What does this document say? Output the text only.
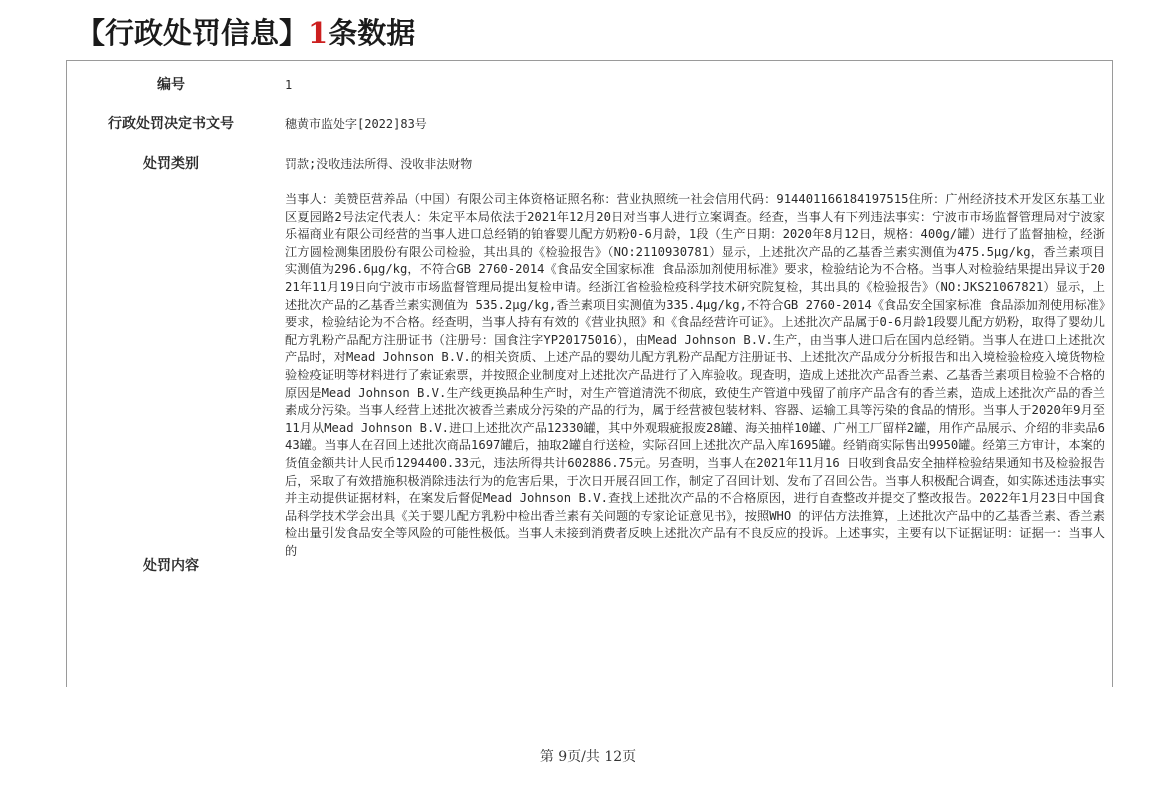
【行政处罚信息】1条数据
编号	1
行政处罚决定书文号	穗黄市监处字[2022]83号
处罚类别	罚款;没收违法所得、没收非法财物
处罚内容
当事人：美赞臣营养品（中国）有限公司主体资格证照名称：营业执照统一社会信用代码：914401166184197515住所：广州经济技术开发区东基工业区夏园路2号法定代表人：朱定平本局依法于2021年12月20日对当事人进行立案调查。经查，当事人有下列违法事实：宁波市市场监督管理局对宁波家乐福商业有限公司经营的当事人进口总经销的铂睿婴儿配方奶粉0-6月龄，1段（生产日期：2020年8月12日，规格：400g/罐）进行了监督抽检，经浙江方圆检测集团股份有限公司检验，其出具的《检验报告》（NO:2110930781）显示，上述批次产品的乙基香兰素实测值为475.5μg/kg，香兰素项目实测值为296.6μg/kg，不符合GB 2760-2014《食品安全国家标准 食品添加剂使用标准》要求，检验结论为不合格。当事人对检验结果提出异议于2021年11月19日向宁波市市场监督管理局提出复检申请。经浙江省检验检疫科学技术研究院复检，其出具的《检验报告》（NO:JKS21067821）显示，上述批次产品的乙基香兰素实测值为 535.2μg/kg,香兰素项目实测值为335.4μg/kg,不符合GB 2760-2014《食品安全国家标准 食品添加剂使用标准》要求，检验结论为不合格。经查明，当事人持有有效的《营业执照》和《食品经营许可证》。上述批次产品属于0-6月龄1段婴儿配方奶粉，取得了婴幼儿配方乳粉产品配方注册证书（注册号：国食注字YP20175016），由Mead Johnson B.V.生产，由当事人进口后在国内总经销。当事人在进口上述批次产品时，对Mead Johnson B.V.的相关资质、上述产品的婴幼儿配方乳粉产品配方注册证书、上述批次产品成分分析报告和出入境检验检疫入境货物检验检疫证明等材料进行了索证索票，并按照企业制度对上述批次产品进行了入库验收。现查明，造成上述批次产品香兰素、乙基香兰素项目检验不合格的原因是Mead Johnson B.V.生产线更换品种生产时，对生产管道清洗不彻底，致使生产管道中残留了前序产品含有的香兰素，造成上述批次产品的香兰素成分污染。当事人经营上述批次被香兰素成分污染的产品的行为，属于经营被包装材料、容器、运输工具等污染的食品的情形。当事人于2020年9月至11月从Mead Johnson B.V.进口上述批次产品12330罐，其中外观瑕疵报废28罐、海关抽样10罐、广州工厂留样2罐，用作产品展示、介绍的非卖品643罐。当事人在召回上述批次商品1697罐后，抽取2罐自行送检，实际召回上述批次产品入库1695罐。经销商实际售出9950罐。经第三方审计，本案的货值金额共计人民币1294400.33元，违法所得共计602886.75元。另查明，当事人在2021年11月16 日收到食品安全抽样检验结果通知书及检验报告后，采取了有效措施积极消除违法行为的危害后果，于次日开展召回工作，制定了召回计划、发布了召回公告。当事人积极配合调查，如实陈述违法事实并主动提供证据材料，在案发后督促Mead Johnson B.V.查找上述批次产品的不合格原因，进行自查整改并提交了整改报告。2022年1月23日中国食品科学技术学会出具《关于婴儿配方乳粉中检出香兰素有关问题的专家论证意见书》，按照WHO 的评估方法推算，上述批次产品中的乙基香兰素、香兰素检出量引发食品安全等风险的可能性极低。当事人未接到消费者反映上述批次产品有不良反应的投诉。上述事实，主要有以下证据证明：证据一：当事人的
第 9页/共 12页
